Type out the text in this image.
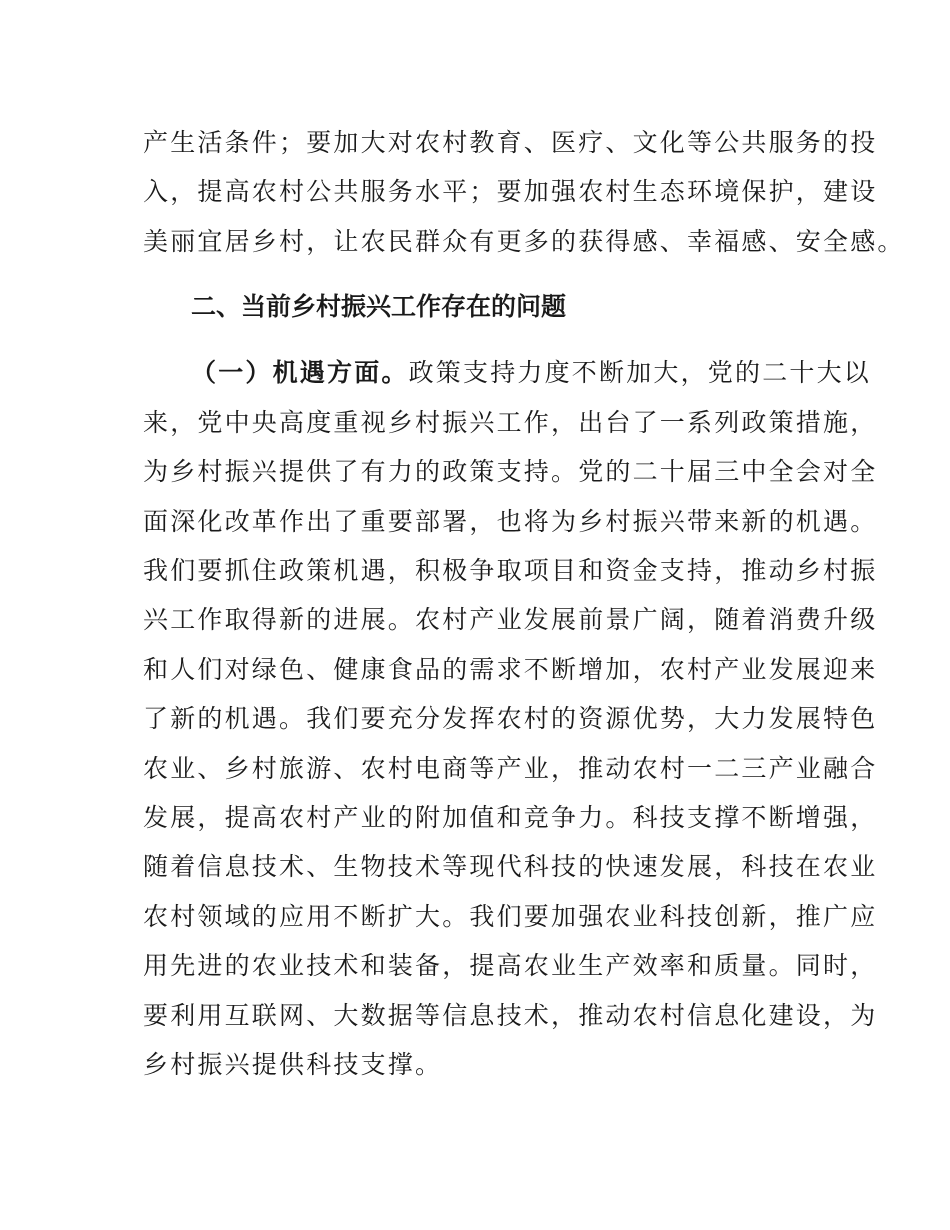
产生活条件；要加大对农村教育、医疗、文化等公共服务的投
入，提高农村公共服务水平；要加强农村生态环境保护，建设
美丽宜居乡村，让农民群众有更多的获得感、幸福感、安全感。
二、当前乡村振兴工作存在的问题
（一）机遇方面。政策支持力度不断加大，党的二十大以
来，党中央高度重视乡村振兴工作，出台了一系列政策措施，
为乡村振兴提供了有力的政策支持。党的二十届三中全会对全
面深化改革作出了重要部署，也将为乡村振兴带来新的机遇。
我们要抓住政策机遇，积极争取项目和资金支持，推动乡村振
兴工作取得新的进展。农村产业发展前景广阔，随着消费升级
和人们对绿色、健康食品的需求不断增加，农村产业发展迎来
了新的机遇。我们要充分发挥农村的资源优势，大力发展特色
农业、乡村旅游、农村电商等产业，推动农村一二三产业融合
发展，提高农村产业的附加值和竞争力。科技支撑不断增强，
随着信息技术、生物技术等现代科技的快速发展，科技在农业
农村领域的应用不断扩大。我们要加强农业科技创新，推广应
用先进的农业技术和装备，提高农业生产效率和质量。同时，
要利用互联网、大数据等信息技术，推动农村信息化建设，为
乡村振兴提供科技支撑。
